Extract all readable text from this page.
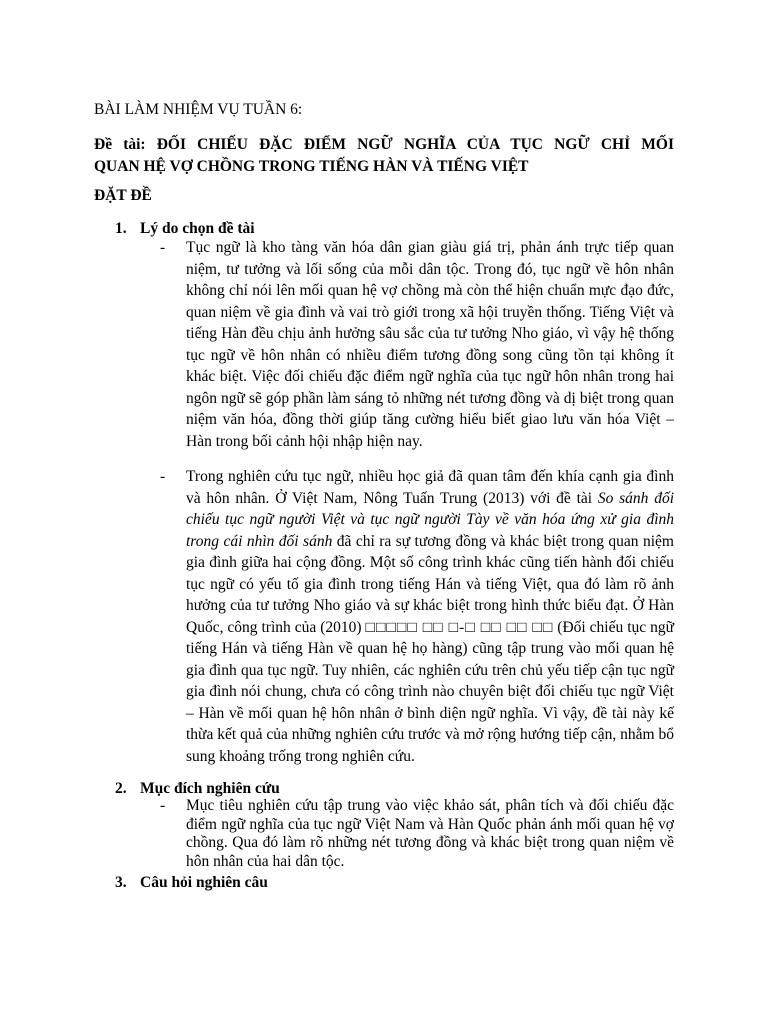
BÀI LÀM NHIỆM VỤ TUẦN 6:

Đề tài: ĐỐI CHIẾU ĐẶC ĐIỂM NGỮ NGHĨA CỦA TỤC NGỮ CHỈ MỐI
QUAN HỆ VỢ CHỒNG TRONG TIẾNG HÀN VÀ TIẾNG VIỆT

ĐẶT ĐỀ

1. Lý do chọn đề tài
-	Tục ngữ là kho tàng văn hóa dân gian giàu giá trị, phản ánh trực tiếp quan niệm, tư tưởng và lối sống của mỗi dân tộc. Trong đó, tục ngữ về hôn nhân không chỉ nói lên mối quan hệ vợ chồng mà còn thể hiện chuẩn mực đạo đức, quan niệm về gia đình và vai trò giới trong xã hội truyền thống. Tiếng Việt và tiếng Hàn đều chịu ảnh hưởng sâu sắc của tư tưởng Nho giáo, vì vậy hệ thống tục ngữ về hôn nhân có nhiều điểm tương đồng song cũng tồn tại không ít khác biệt. Việc đối chiếu đặc điểm ngữ nghĩa của tục ngữ hôn nhân trong hai ngôn ngữ sẽ góp phần làm sáng tỏ những nét tương đồng và dị biệt trong quan niệm văn hóa, đồng thời giúp tăng cường hiểu biết giao lưu văn hóa Việt – Hàn trong bối cảnh hội nhập hiện nay.
-	Trong nghiên cứu tục ngữ, nhiều học giả đã quan tâm đến khía cạnh gia đình và hôn nhân. Ở Việt Nam, Nông Tuấn Trung (2013) với đề tài So sánh đối chiếu tục ngữ người Việt và tục ngữ người Tày về văn hóa ứng xử gia đình trong cái nhìn đối sánh đã chỉ ra sự tương đồng và khác biệt trong quan niệm gia đình giữa hai cộng đồng. Một số công trình khác cũng tiến hành đối chiếu tục ngữ có yếu tố gia đình trong tiếng Hán và tiếng Việt, qua đó làm rõ ảnh hưởng của tư tưởng Nho giáo và sự khác biệt trong hình thức biểu đạt. Ở Hàn Quốc, công trình của (2010) □□□□□ □□ □-□ □□ □□ □□ (Đối chiếu tục ngữ tiếng Hán và tiếng Hàn về quan hệ họ hàng) cũng tập trung vào mối quan hệ gia đình qua tục ngữ. Tuy nhiên, các nghiên cứu trên chủ yếu tiếp cận tục ngữ gia đình nói chung, chưa có công trình nào chuyên biệt đối chiếu tục ngữ Việt – Hàn về mối quan hệ hôn nhân ở bình diện ngữ nghĩa. Vì vậy, đề tài này kế thừa kết quả của những nghiên cứu trước và mở rộng hướng tiếp cận, nhằm bổ sung khoảng trống trong nghiên cứu.
2. Mục đích nghiên cứu
-	Mục tiêu nghiên cứu tập trung vào việc khảo sát, phân tích và đối chiếu đặc điểm ngữ nghĩa của tục ngữ Việt Nam và Hàn Quốc phản ánh mối quan hệ vợ chồng. Qua đó làm rõ những nét tương đồng và khác biệt trong quan niệm về hôn nhân của hai dân tộc.
3. Câu hỏi nghiên câu
